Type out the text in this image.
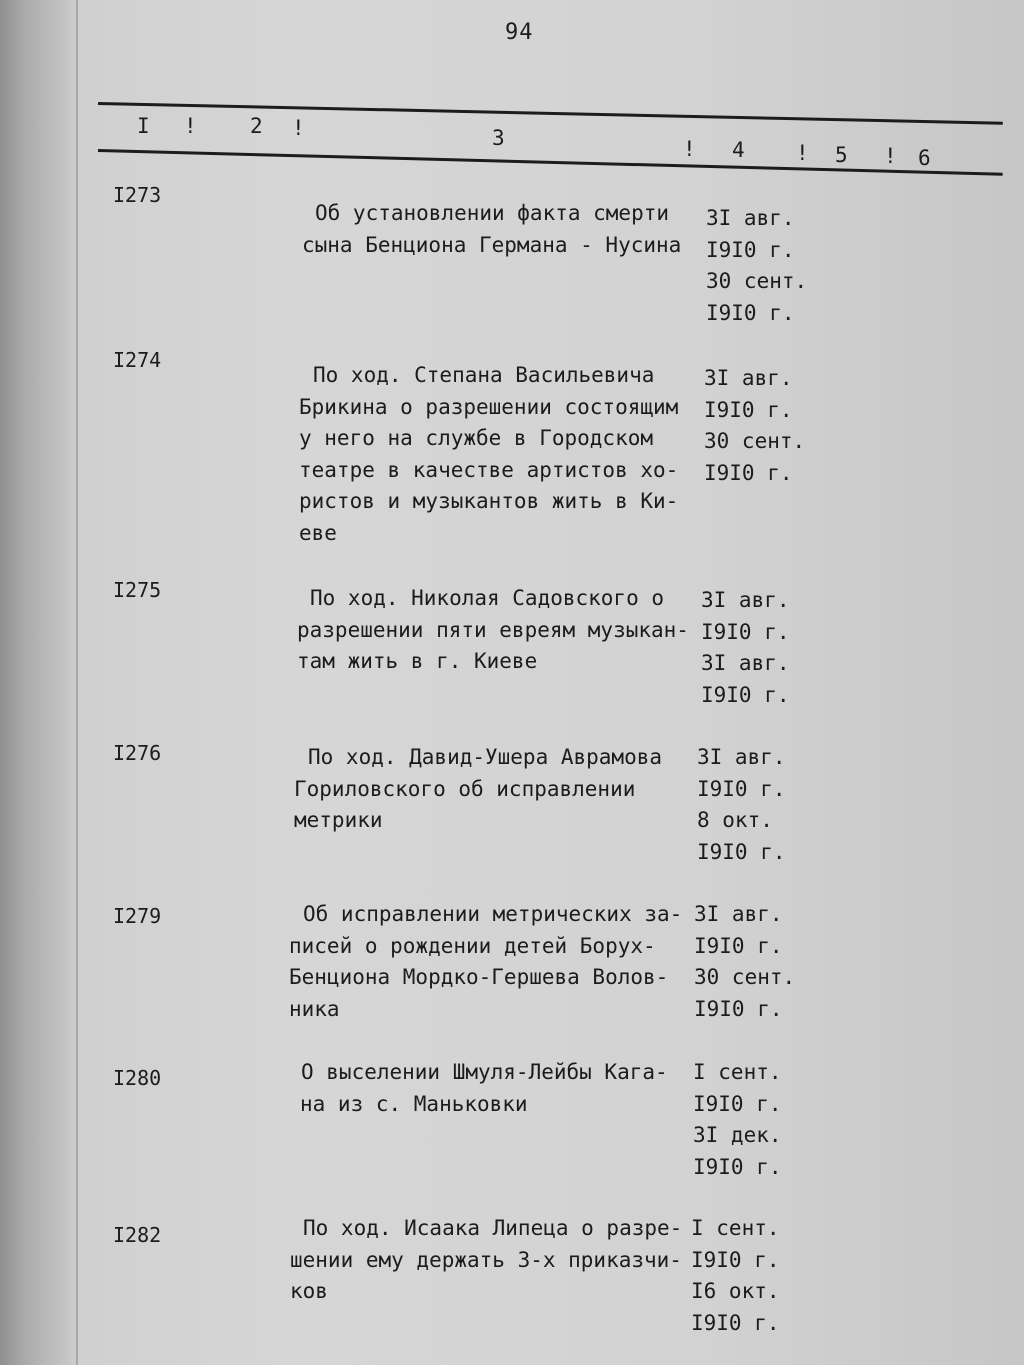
94
I !	2 !	3	! 4 ! 5 ! 6
I273
Об установлении факта смерти
сына Бенциона Германа - Нусина
3I авг.
I9I0 г.
30 сент.
I9I0 г.
I274
По ход. Степана Васильевича
Брикина о разрешении состоящим
у него на службе в Городском
театре в качестве артистов хо-
ристов и музыкантов жить в Ки-
еве
3I авг.
I9I0 г.
30 сент.
I9I0 г.
I275	По ход. Николая Садовского о
разрешении пяти евреям музыкан-
там жить в г. Киеве
3I авг.
I9I0 г.
3I авг.
I9I0 г.
I276	По ход. Давид-Ушера Аврамова
Гориловского об исправлении
метрики
3I авг.
I9I0 г.
8 окт.
I9I0 г.
I279	Об исправлении метрических за-
писей о рождении детей Борух-
Бенциона Мордко-Гершева Волов-
ника
3I авг.
I9I0 г.
30 сент.
I9I0 г.
I280	О выселении Шмуля-Лейбы Кага-
на из с. Маньковки
I сент.
I9I0 г.
3I дек.
I9I0 г.
I282	По ход. Исаака Липеца о разре-
шении ему держать 3-х приказчи-
ков
I сент.
I9I0 г.
I6 окт.
I9I0 г.
